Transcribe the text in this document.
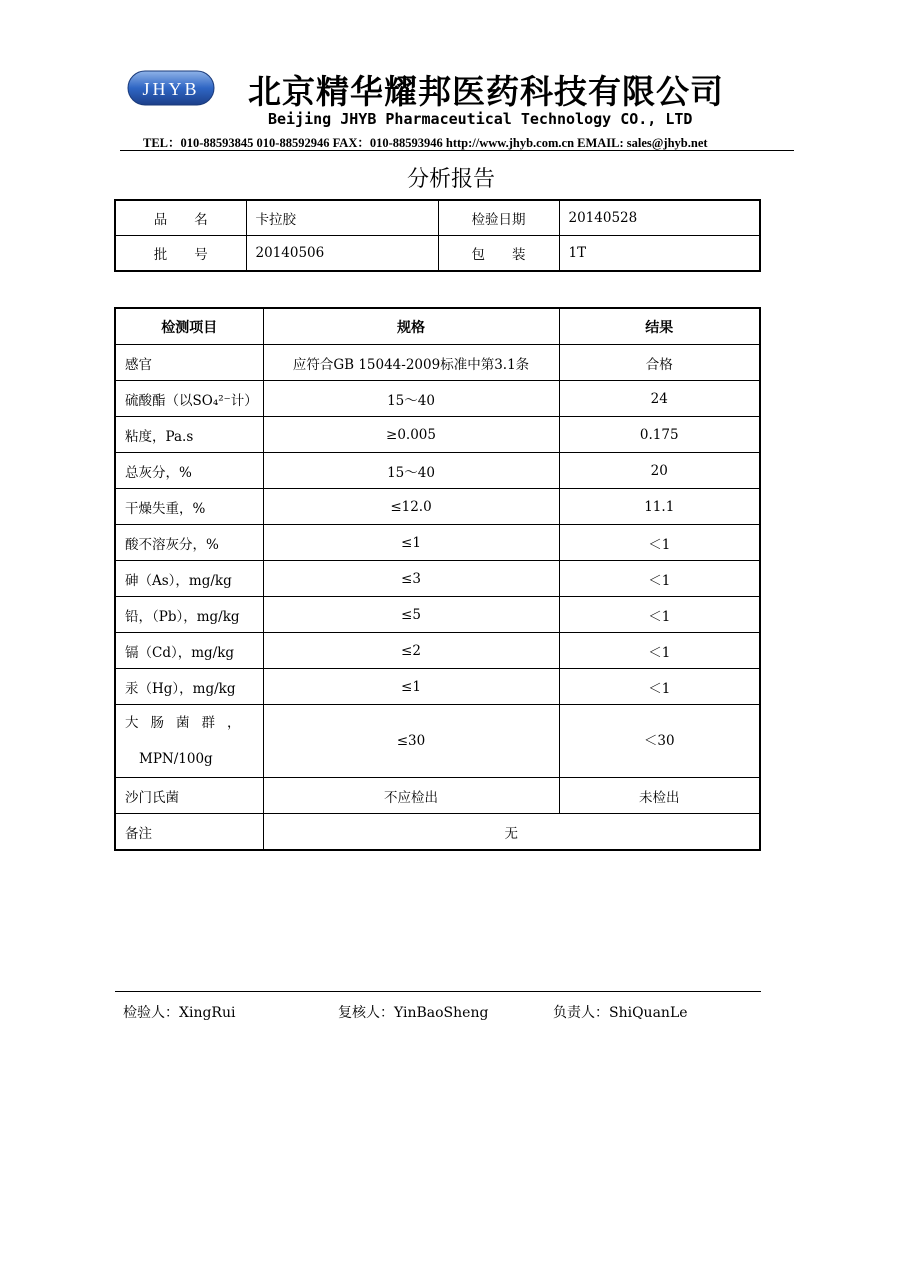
JHYB 北京精华耀邦医药科技有限公司
Beijing JHYB Pharmaceutical Technology CO., LTD
TEL：010-88593845 010-88592946 FAX：010-88593946 http://www.jhyb.com.cn EMAIL: sales@jhyb.net
分析报告
品　　名	卡拉胶	检验日期	20140528
批　　号	20140506	包　　装	1T
检测项目	规格	结果
感官	应符合GB 15044-2009标准中第3.1条	合格
硫酸酯（以SO₄²⁻计）	15～40	24
粘度，Pa.s	≥0.005	0.175
总灰分，%	15～40	20
干燥失重，%	≤12.0	11.1
酸不溶灰分，%	≤1	＜1
砷（As），mg/kg	≤3	＜1
铅，（Pb），mg/kg	≤5	＜1
镉（Cd），mg/kg	≤2	＜1
汞（Hg），mg/kg	≤1	＜1

大肠菌群，
MPN/100g	≤30	＜30
沙门氏菌	不应检出	未检出
备注	无	
检验人：XingRui	复核人：YinBaoSheng	负责人：ShiQuanLe
